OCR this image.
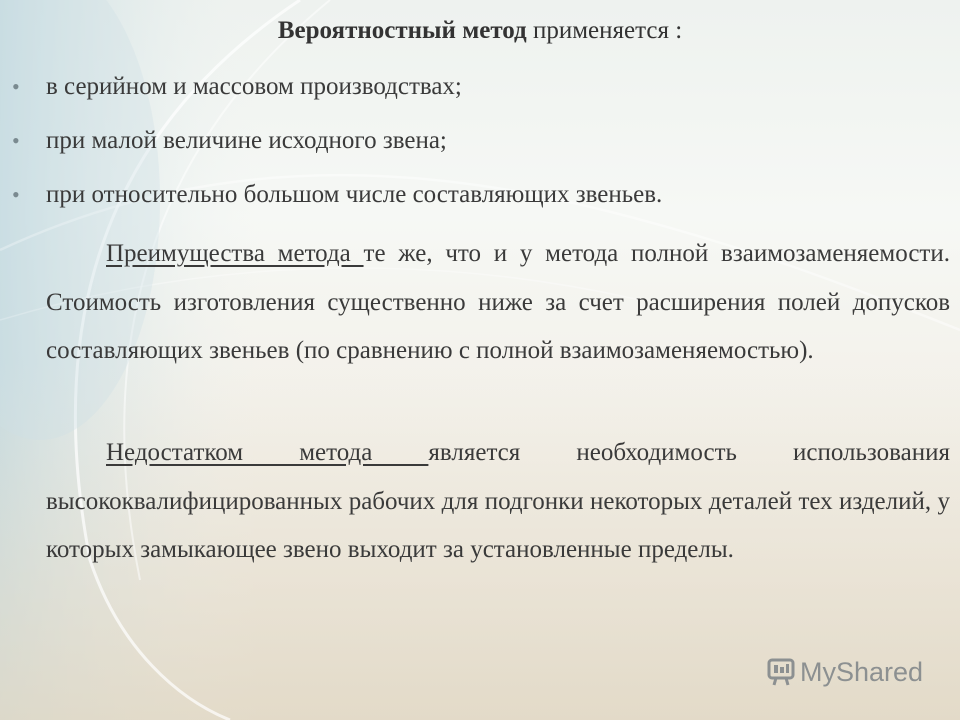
Вероятностный метод применяется :
• в серийном и массовом производствах;
• при малой величине исходного звена;
• при относительно большом числе составляющих звеньев.
Преимущества метода те же, что и у метода полной взаимозаменяемости. Стоимость изготовления существенно ниже за счет расширения полей допусков составляющих звеньев (по сравнению с полной взаимозаменяемостью).
Недостатком метода является необходимость использования высококвалифицированных рабочих для подгонки некоторых деталей тех изделий, у которых замыкающее звено выходит за установленные пределы.
MyShared
